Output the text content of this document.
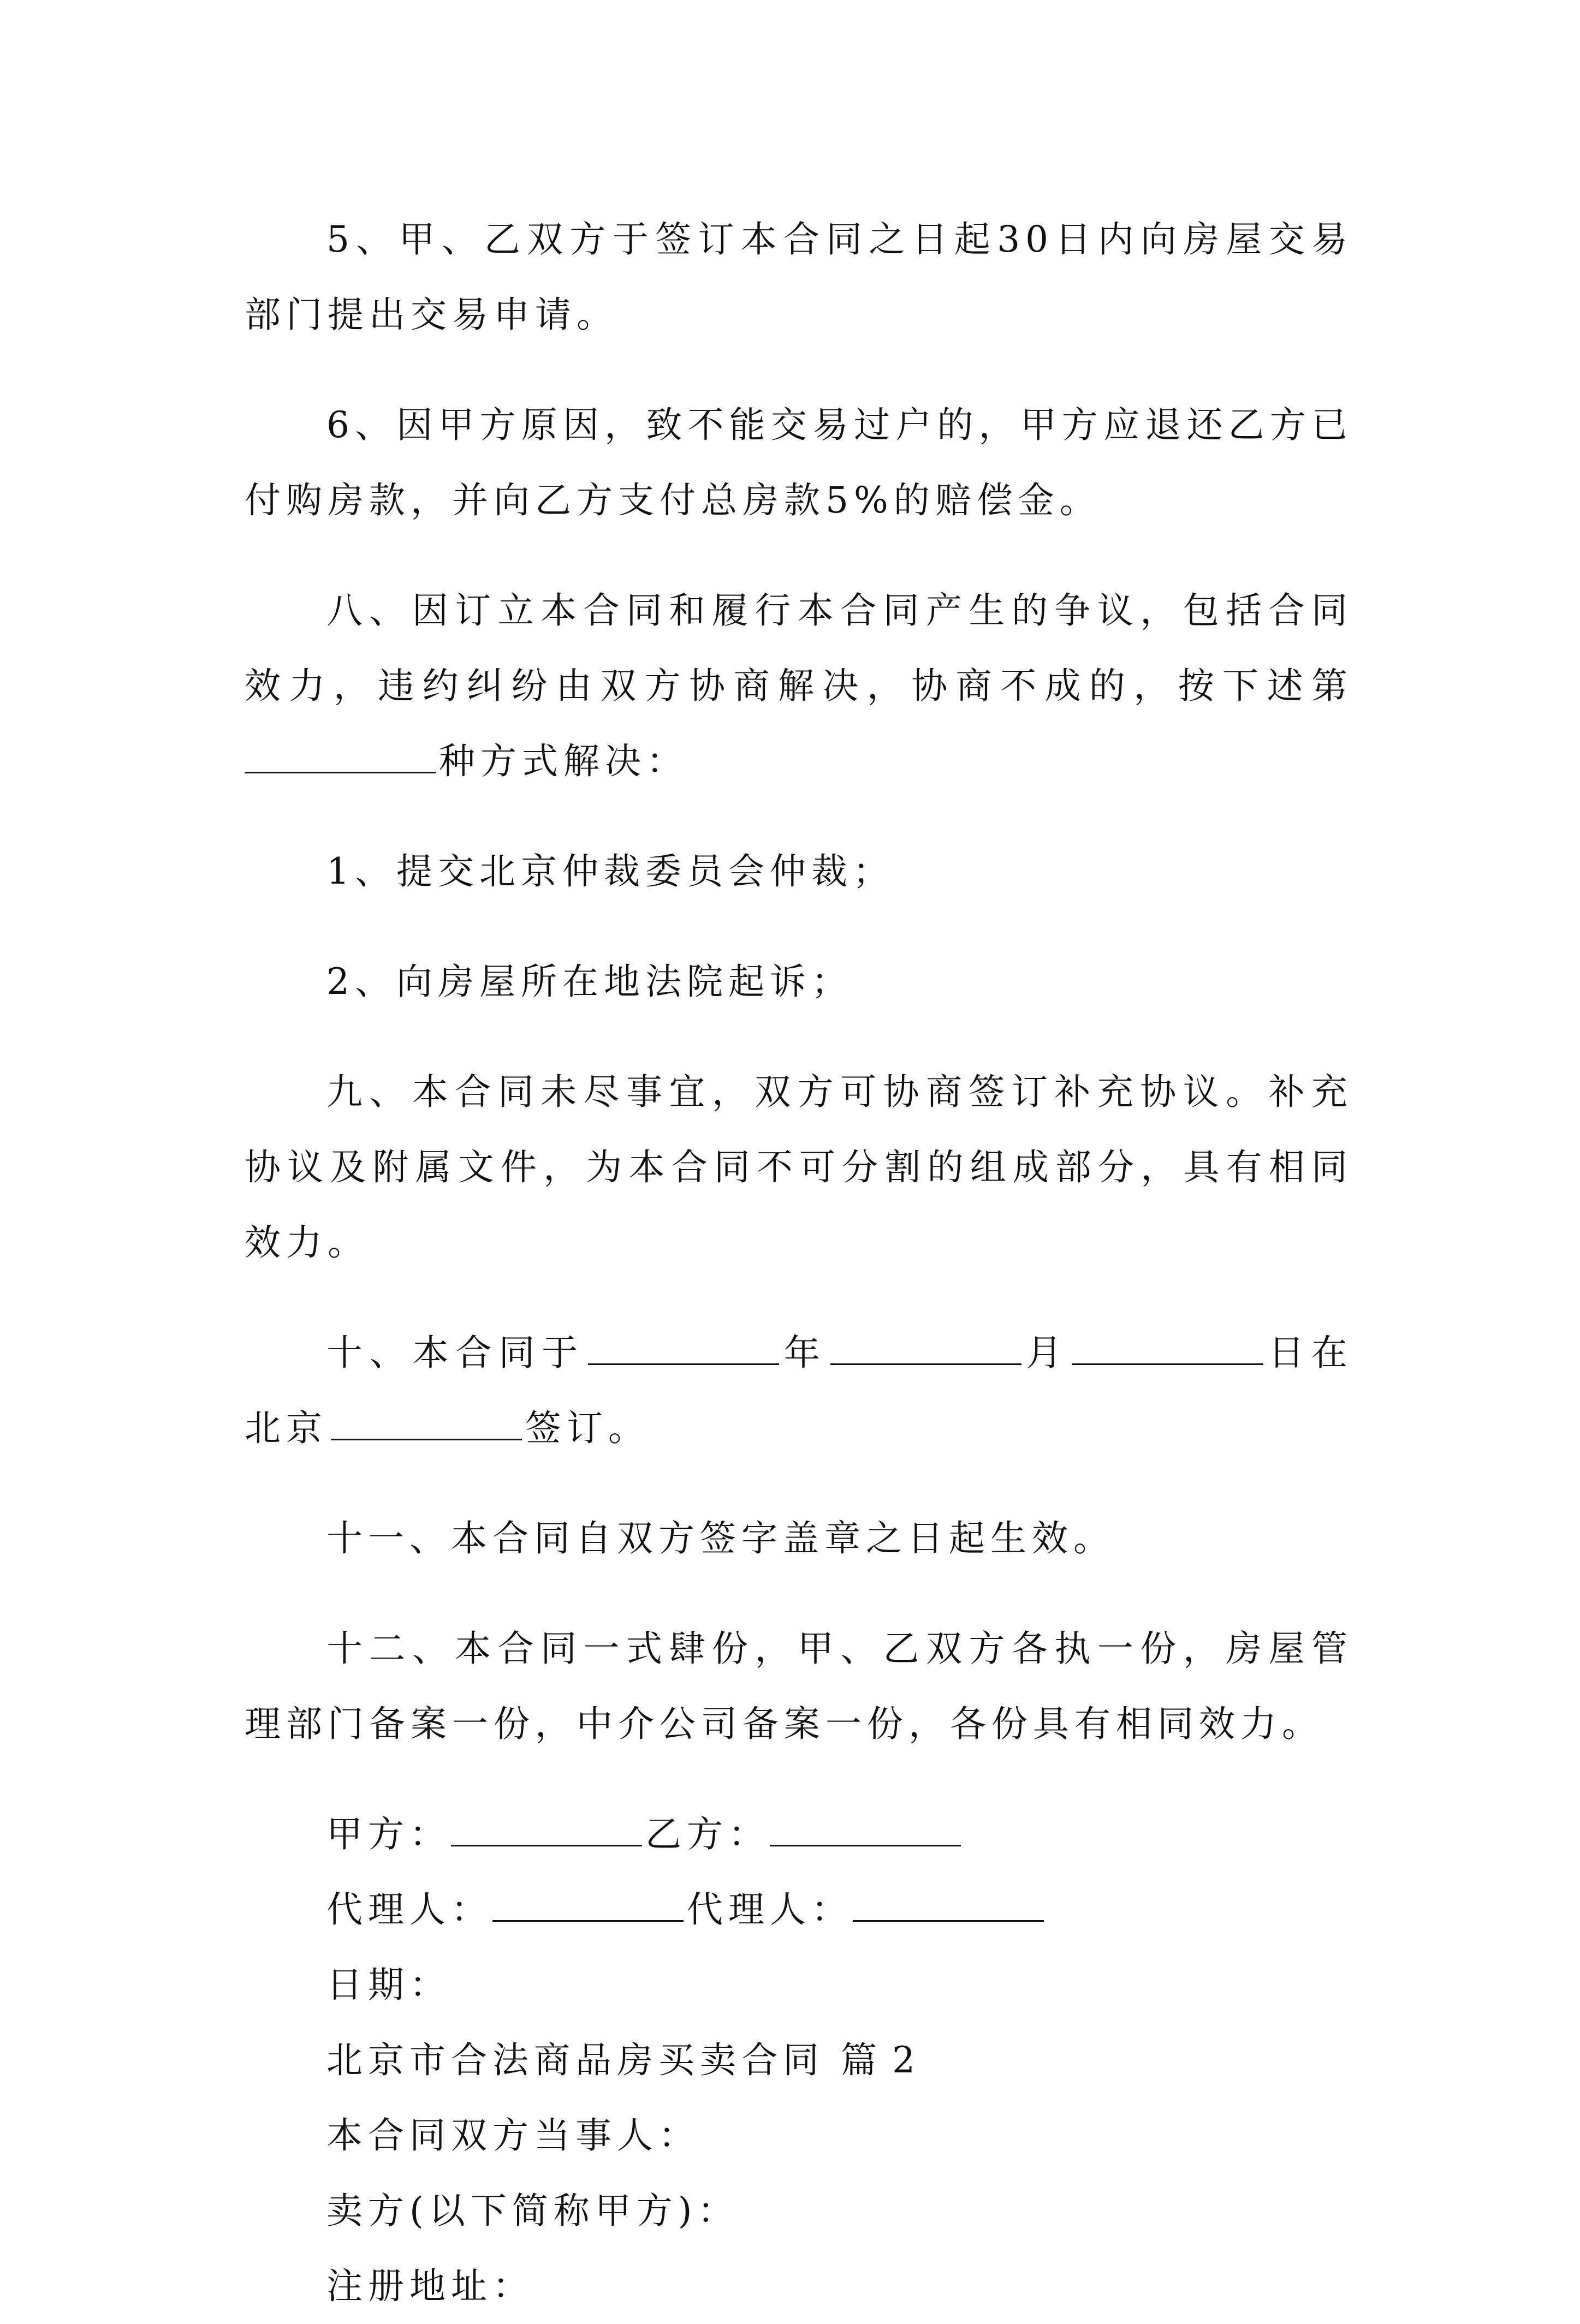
5、甲、乙双方于签订本合同之日起30日内向房屋交易部门提出交易申请。

6、因甲方原因，致不能交易过户的，甲方应退还乙方已付购房款，并向乙方支付总房款5%的赔偿金。

八、因订立本合同和履行本合同产生的争议，包括合同效力，违约纠纷由双方协商解决，协商不成的，按下述第种方式解决：

1、提交北京仲裁委员会仲裁；

2、向房屋所在地法院起诉；

九、本合同未尽事宜，双方可协商签订补充协议。补充协议及附属文件，为本合同不可分割的组成部分，具有相同效力。

十、本合同于	年	月	日在北京	签订。

十一、本合同自双方签字盖章之日起生效。

十二、本合同一式肆份，甲、乙双方各执一份，房屋管理部门备案一份，中介公司备案一份，各份具有相同效力。

甲方：	乙方：
代理人：	代理人：
日期：
北京市合法商品房买卖合同 篇 2
本合同双方当事人：
卖方(以下简称甲方)：
注册地址：
